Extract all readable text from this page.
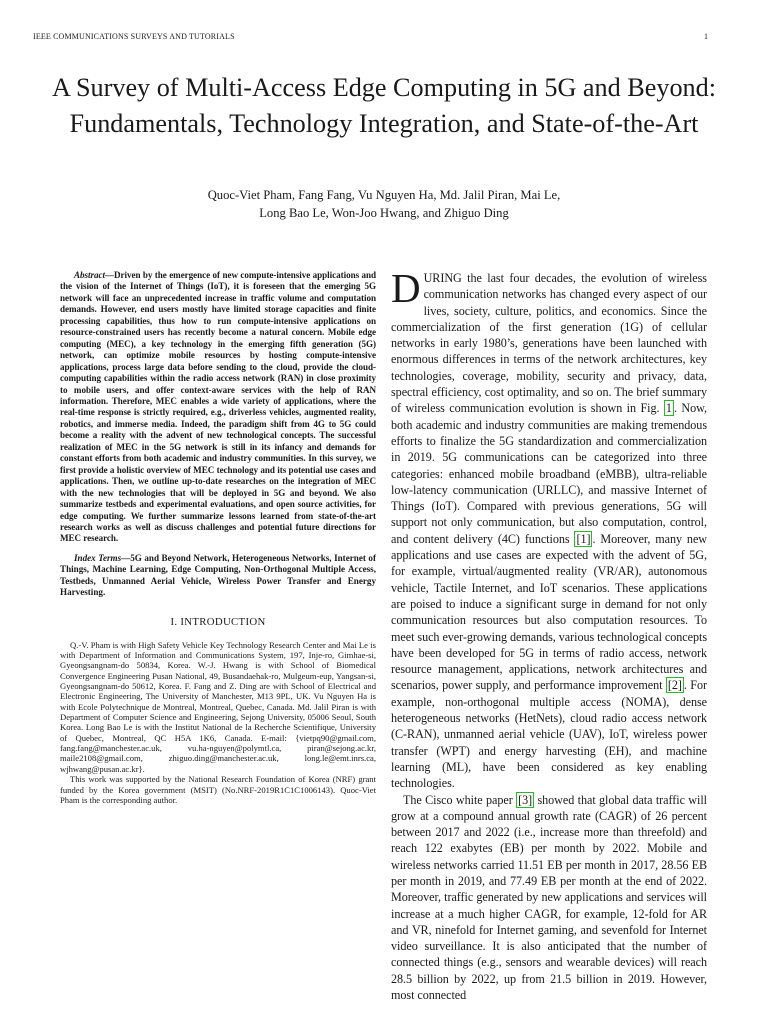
IEEE COMMUNICATIONS SURVEYS AND TUTORIALS	1
A Survey of Multi-Access Edge Computing in 5G and Beyond: Fundamentals, Technology Integration, and State-of-the-Art
Quoc-Viet Pham, Fang Fang, Vu Nguyen Ha, Md. Jalil Piran, Mai Le,
Long Bao Le, Won-Joo Hwang, and Zhiguo Ding

Abstract—Driven by the emergence of new compute-intensive applications and the vision of the Internet of Things (IoT), it is foreseen that the emerging 5G network will face an unprecedented increase in traffic volume and computation demands. However, end users mostly have limited storage capacities and finite processing capabilities, thus how to run compute-intensive applications on resource-constrained users has recently become a natural concern. Mobile edge computing (MEC), a key technology in the emerging fifth generation (5G) network, can optimize mobile resources by hosting compute-intensive applications, process large data before sending to the cloud, provide the cloud-computing capabilities within the radio access network (RAN) in close proximity to mobile users, and offer context-aware services with the help of RAN information. Therefore, MEC enables a wide variety of applications, where the real-time response is strictly required, e.g., driverless vehicles, augmented reality, robotics, and immerse media. Indeed, the paradigm shift from 4G to 5G could become a reality with the advent of new technological concepts. The successful realization of MEC in the 5G network is still in its infancy and demands for constant efforts from both academic and industry communities. In this survey, we first provide a holistic overview of MEC technology and its potential use cases and applications. Then, we outline up-to-date researches on the integration of MEC with the new technologies that will be deployed in 5G and beyond. We also summarize testbeds and experimental evaluations, and open source activities, for edge computing. We further summarize lessons learned from state-of-the-art research works as well as discuss challenges and potential future directions for MEC research.

Index Terms—5G and Beyond Network, Heterogeneous Networks, Internet of Things, Machine Learning, Edge Computing, Non-Orthogonal Multiple Access, Testbeds, Unmanned Aerial Vehicle, Wireless Power Transfer and Energy Harvesting.

I. INTRODUCTION

Q.-V. Pham is with High Safety Vehicle Key Technology Research Center and Mai Le is with Department of Information and Communications System, 197, Inje-ro, Gimhae-si, Gyeongsangnam-do 50834, Korea. W.-J. Hwang is with School of Biomedical Convergence Engineering Pusan National, 49, Busandaehak-ro, Mulgeum-eup, Yangsan-si, Gyeongsangnam-do 50612, Korea. F. Fang and Z. Ding are with School of Electrical and Electronic Engineering, The University of Manchester, M13 9PL, UK. Vu Nguyen Ha is with Ecole Polytechnique de Montreal, Montreal, Quebec, Canada. Md. Jalil Piran is with Department of Computer Science and Engineering, Sejong University, 05006 Seoul, South Korea. Long Bao Le is with the Institut National de la Recherche Scientifique, University of Quebec, Montreal, QC H5A 1K6, Canada. E-mail: {vietpq90@gmail.com, fang.fang@manchester.ac.uk, vu.ha-nguyen@polymtl.ca, piran@sejong.ac.kr, maile2108@gmail.com, zhiguo.ding@manchester.ac.uk, long.le@emt.inrs.ca, wjhwang@pusan.ac.kr}.

This work was supported by the National Research Foundation of Korea (NRF) grant funded by the Korea government (MSIT) (No.NRF-2019R1C1C1006143). Quoc-Viet Pham is the corresponding author.

DURING the last four decades, the evolution of wireless communication networks has changed every aspect of our lives, society, culture, politics, and economics. Since the commercialization of the first generation (1G) of cellular networks in early 1980’s, generations have been launched with enormous differences in terms of the network architectures, key technologies, coverage, mobility, security and privacy, data, spectral efficiency, cost optimality, and so on. The brief summary of wireless communication evolution is shown in Fig. 1 . Now, both academic and industry communities are making tremendous efforts to finalize the 5G standardization and commercialization in 2019. 5G communications can be categorized into three categories: enhanced mobile broadband (eMBB), ultra-reliable low-latency communication (URLLC), and massive Internet of Things (IoT). Compared with previous generations, 5G will support not only communication, but also computation, control, and content delivery (4C) functions [1] . Moreover, many new applications and use cases are expected with the advent of 5G, for example, virtual/augmented reality (VR/AR), autonomous vehicle, Tactile Internet, and IoT scenarios. These applications are poised to induce a significant surge in demand for not only communication resources but also computation resources. To meet such ever-growing demands, various technological concepts have been developed for 5G in terms of radio access, network resource management, applications, network architectures and scenarios, power supply, and performance improvement [2] . For example, non-orthogonal multiple access (NOMA), dense heterogeneous networks (HetNets), cloud radio access network (C-RAN), unmanned aerial vehicle (UAV), IoT, wireless power transfer (WPT) and energy harvesting (EH), and machine learning (ML), have been considered as key enabling technologies.

The Cisco white paper [3] showed that global data traffic will grow at a compound annual growth rate (CAGR) of 26 percent between 2017 and 2022 (i.e., increase more than threefold) and reach 122 exabytes (EB) per month by 2022. Mobile and wireless networks carried 11.51 EB per month in 2017, 28.56 EB per month in 2019, and 77.49 EB per month at the end of 2022. Moreover, traffic generated by new applications and services will increase at a much higher CAGR, for example, 12-fold for AR and VR, ninefold for Internet gaming, and sevenfold for Internet video surveillance. It is also anticipated that the number of connected things (e.g., sensors and wearable devices) will reach 28.5 billion by 2022, up from 21.5 billion in 2019. However, most connected
